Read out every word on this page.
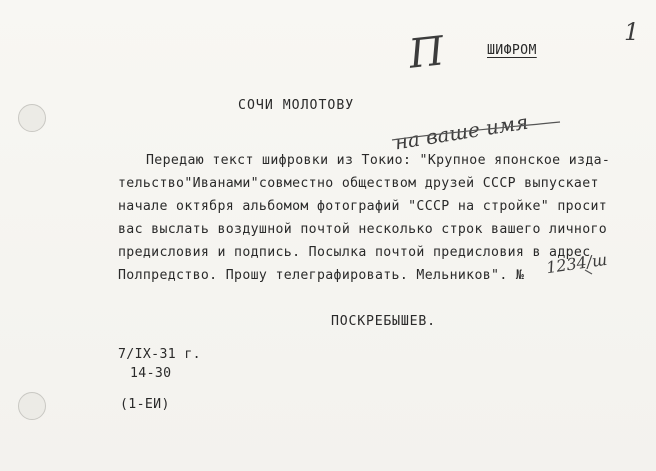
1
П	ШИФРОМ
СОЧИ МОЛОТОВУ
на ваше имя
Передаю текст шифровки из Токио: "Крупное японское изда-
тельство"Иванами"совместно обществом друзей СССР выпускает
начале октября альбомом фотографий "СССР на стройке" просит
вас выслать воздушной почтой несколько строк вашего личного
предисловия и подпись. Посылка почтой предисловия в адрес
Полпредство. Прошу телеграфировать. Мельников". № 1234/ш
ПОСКРЕБЫШЕВ.
7/IX-31 г.
14-30
(1-ЕИ)
